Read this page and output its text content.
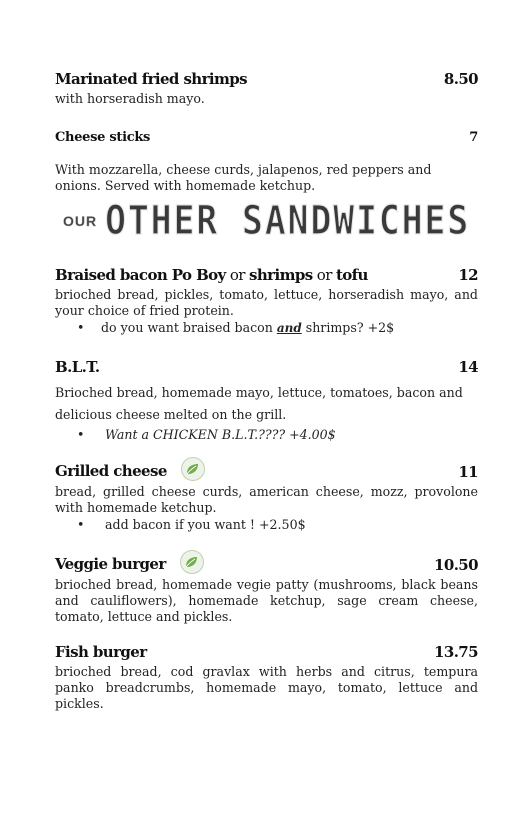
Marinated fried shrimps	8.50
with horseradish mayo.
Cheese sticks	7
With mozzarella, cheese curds, jalapenos, red peppers and onions. Served with homemade ketchup.
OUR OTHER SANDWICHES
Braised bacon Po Boy or shrimps or tofu	12
brioched bread, pickles, tomato, lettuce, horseradish mayo, and your choice of fried protein.
•	do you want braised bacon and shrimps? +2$
B.L.T.	14
Brioched bread, homemade mayo, lettuce, tomatoes, bacon and delicious cheese melted on the grill.
•	Want a CHICKEN B.L.T.???? +4.00$
Grilled cheese	11
bread, grilled cheese curds, american cheese, mozz, provolone with homemade ketchup.
•	add bacon if you want ! +2.50$
Veggie burger	10.50
brioched bread, homemade vegie patty (mushrooms, black beans and cauliflowers), homemade ketchup, sage cream cheese, tomato, lettuce and pickles.
Fish burger	13.75
brioched bread, cod gravlax with herbs and citrus, tempura panko breadcrumbs, homemade mayo, tomato, lettuce and pickles.
